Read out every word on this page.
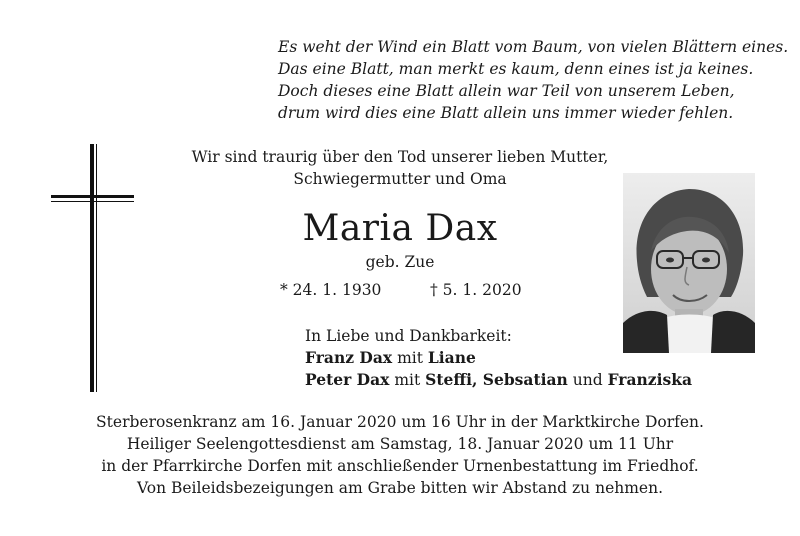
Es weht der Wind ein Blatt vom Baum, von vielen Blättern eines.
Das eine Blatt, man merkt es kaum, denn eines ist ja keines.
Doch dieses eine Blatt allein war Teil von unserem Leben,
drum wird dies eine Blatt allein uns immer wieder fehlen.
Wir sind traurig über den Tod unserer lieben Mutter,
Schwiegermutter und Oma
Maria Dax
geb. Zue
* 24. 1. 1930	† 5. 1. 2020
In Liebe und Dankbarkeit:
Franz Dax mit Liane
Peter Dax mit Steffi, Sebsatian und Franziska
Sterberosenkranz am 16. Januar 2020 um 16 Uhr in der Marktkirche Dorfen.
Heiliger Seelengottesdienst am Samstag, 18. Januar 2020 um 11 Uhr
in der Pfarrkirche Dorfen mit anschließender Urnenbestattung im Friedhof.
Von Beileidsbezeigungen am Grabe bitten wir Abstand zu nehmen.
